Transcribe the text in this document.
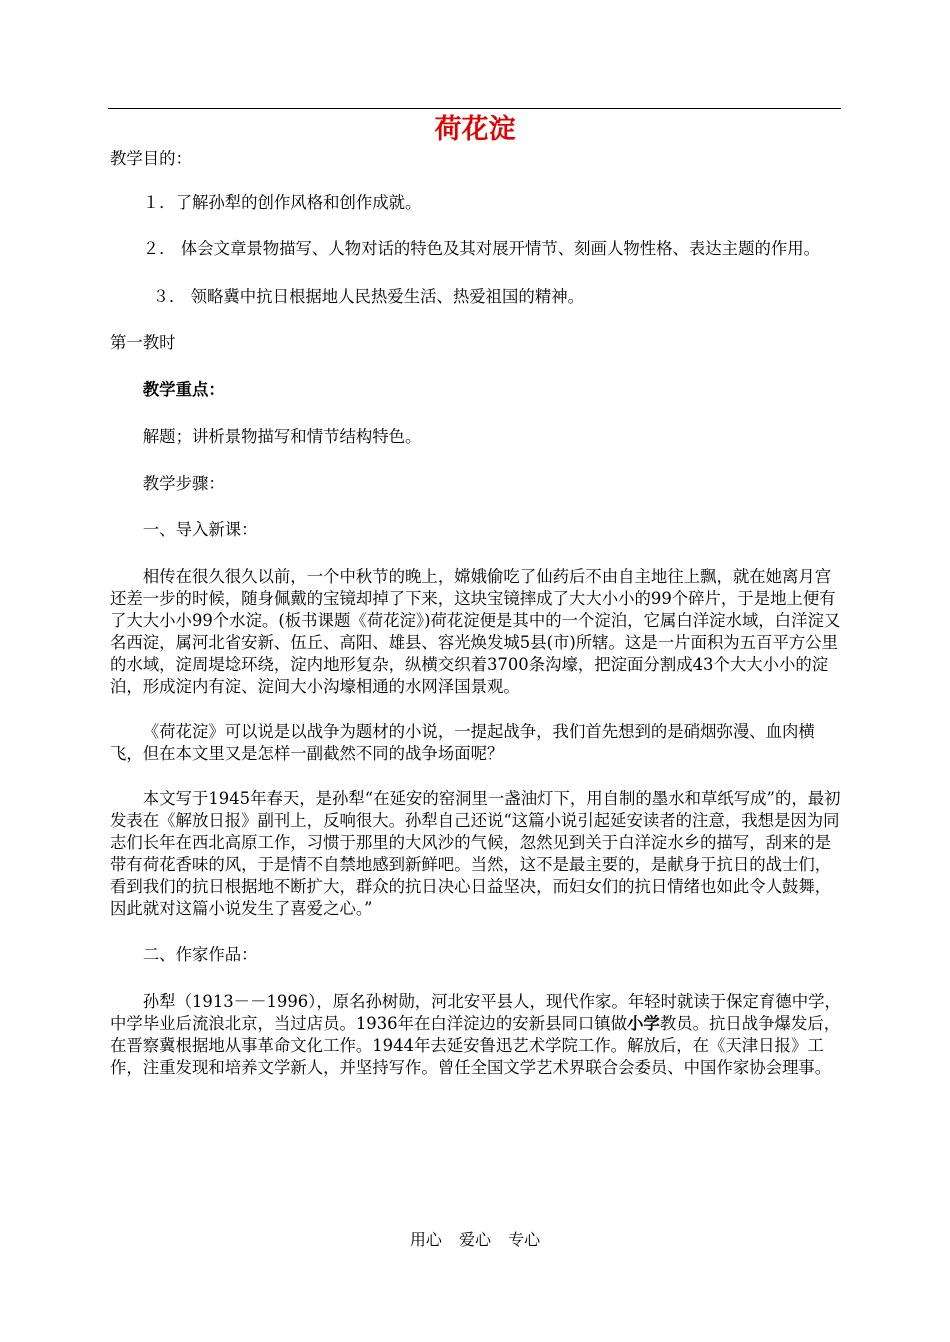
荷花淀

教学目的：

１．了解孙犁的创作风格和创作成就。

２． 体会文章景物描写、人物对话的特色及其对展开情节、刻画人物性格、表达主题的作用。

３． 领略冀中抗日根据地人民热爱生活、热爱祖国的精神。

第一教时

教学重点：

解题；讲析景物描写和情节结构特色。

教学步骤：

一、导入新课：

相传在很久很久以前，一个中秋节的晚上，嫦娥偷吃了仙药后不由自主地往上飘，就在她离月宫还差一步的时候，随身佩戴的宝镜却掉了下来，这块宝镜摔成了大大小小的99个碎片，于是地上便有了大大小小99个水淀。(板书课题《荷花淀》)荷花淀便是其中的一个淀泊，它属白洋淀水域，白洋淀又名西淀，属河北省安新、伍丘、高阳、雄县、容光焕发城5县(市)所辖。这是一片面积为五百平方公里的水域，淀周堤埝环绕，淀内地形复杂，纵横交织着3700条沟壕，把淀面分割成43个大大小小的淀泊，形成淀内有淀、淀间大小沟壕相通的水网泽国景观。

《荷花淀》可以说是以战争为题材的小说，一提起战争，我们首先想到的是硝烟弥漫、血肉横飞，但在本文里又是怎样一副截然不同的战争场面呢？

本文写于1945年春天，是孙犁“在延安的窑洞里一盏油灯下，用自制的墨水和草纸写成”的，最初发表在《解放日报》副刊上，反响很大。孙犁自己还说“这篇小说引起延安读者的注意，我想是因为同志们长年在西北高原工作，习惯于那里的大风沙的气候，忽然见到关于白洋淀水乡的描写，刮来的是带有荷花香味的风，于是情不自禁地感到新鲜吧。当然，这不是最主要的，是献身于抗日的战士们，看到我们的抗日根据地不断扩大，群众的抗日决心日益坚决，而妇女们的抗日情绪也如此令人鼓舞，因此就对这篇小说发生了喜爱之心。”

二、作家作品：

孙犁（1913－－1996），原名孙树勋，河北安平县人，现代作家。年轻时就读于保定育德中学，中学毕业后流浪北京，当过店员。1936年在白洋淀边的安新县同口镇做小学教员。抗日战争爆发后，在晋察冀根据地从事革命文化工作。1944年去延安鲁迅艺术学院工作。解放后，在《天津日报》工作，注重发现和培养文学新人，并坚持写作。曾任全国文学艺术界联合会委员、中国作家协会理事。

用心 爱心 专心
